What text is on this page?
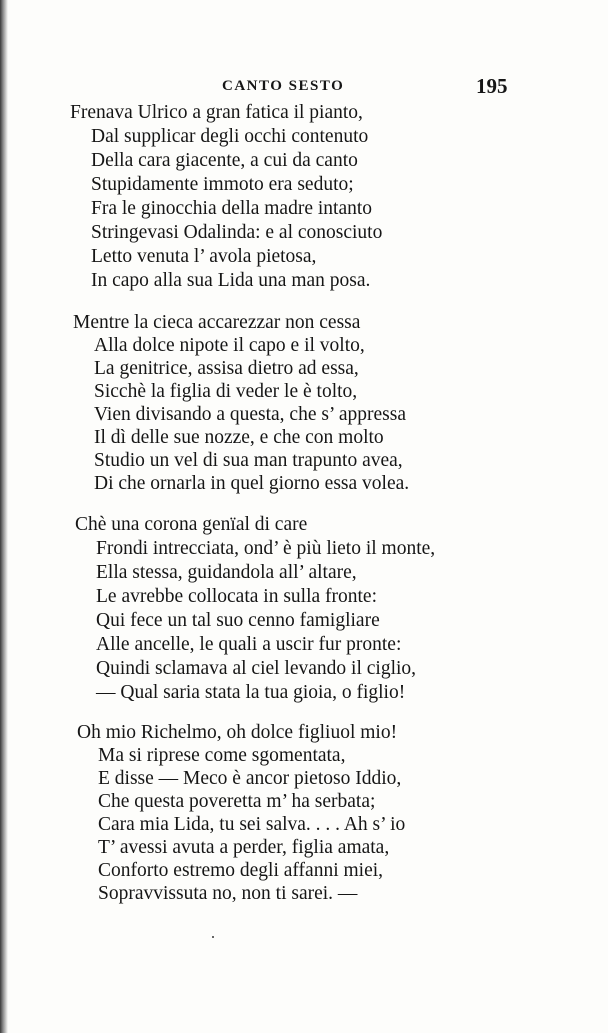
CANTO SESTO	195
Frenava Ulrico a gran fatica il pianto,
Dal supplicar degli occhi contenuto
Della cara giacente, a cui da canto
Stupidamente immoto era seduto;
Fra le ginocchia della madre intanto
Stringevasi Odalinda: e al conosciuto
Letto venuta l’ avola pietosa,
In capo alla sua Lida una man posa.
Mentre la cieca accarezzar non cessa
Alla dolce nipote il capo e il volto,
La genitrice, assisa dietro ad essa,
Sicchè la figlia di veder le è tolto,
Vien divisando a questa, che s’ appressa
Il dì delle sue nozze, e che con molto
Studio un vel di sua man trapunto avea,
Di che ornarla in quel giorno essa volea.
Chè una corona genïal di care
Frondi intrecciata, ond’ è più lieto il monte,
Ella stessa, guidandola all’ altare,
Le avrebbe collocata in sulla fronte:
Qui fece un tal suo cenno famigliare
Alle ancelle, le quali a uscir fur pronte:
Quindi sclamava al ciel levando il ciglio,
— Qual saria stata la tua gioia, o figlio!
Oh mio Richelmo, oh dolce figliuol mio!
Ma si riprese come sgomentata,
E disse — Meco è ancor pietoso Iddio,
Che questa poveretta m’ ha serbata;
Cara mia Lida, tu sei salva. . . . Ah s’ io
T’ avessi avuta a perder, figlia amata,
Conforto estremo degli affanni miei,
Sopravvissuta no, non ti sarei. —
